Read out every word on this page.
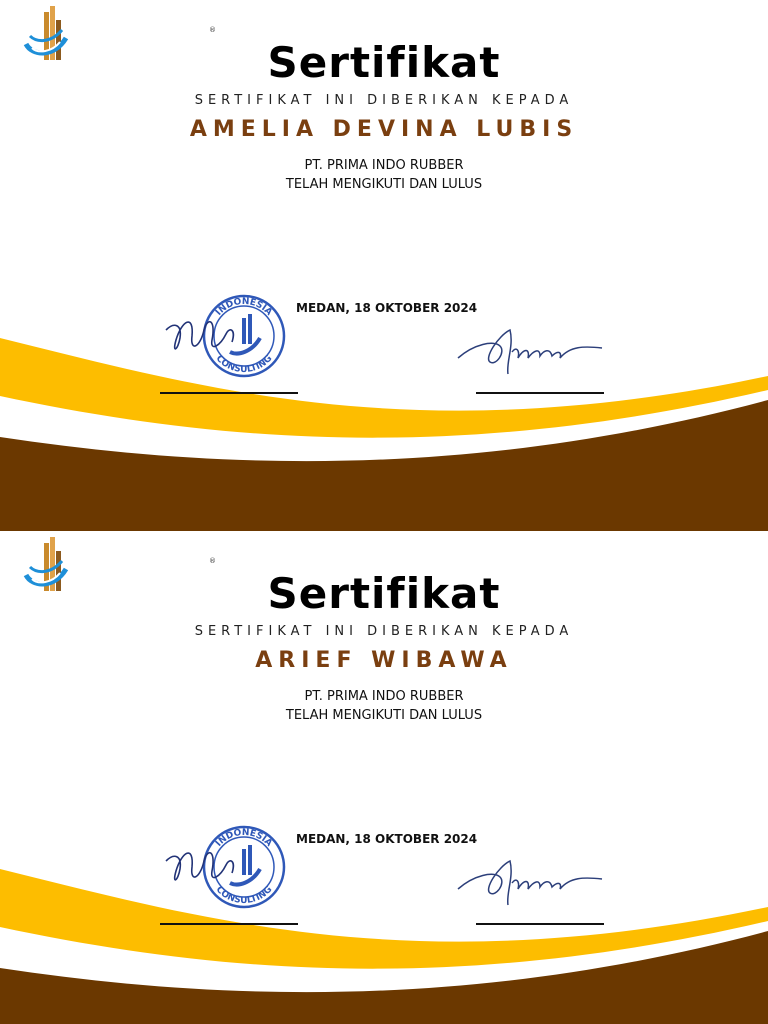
®
Sertifikat
SERTIFIKAT INI DIBERIKAN KEPADA
AMELIA DEVINA LUBIS
PT. PRIMA INDO RUBBER
TELAH MENGIKUTI DAN LULUS
MEDAN, 18 OKTOBER 2024
INDONESIA
CONSULTING
®
Sertifikat
SERTIFIKAT INI DIBERIKAN KEPADA
ARIEF WIBAWA
PT. PRIMA INDO RUBBER
TELAH MENGIKUTI DAN LULUS
MEDAN, 18 OKTOBER 2024
INDONESIA
CONSULTING
